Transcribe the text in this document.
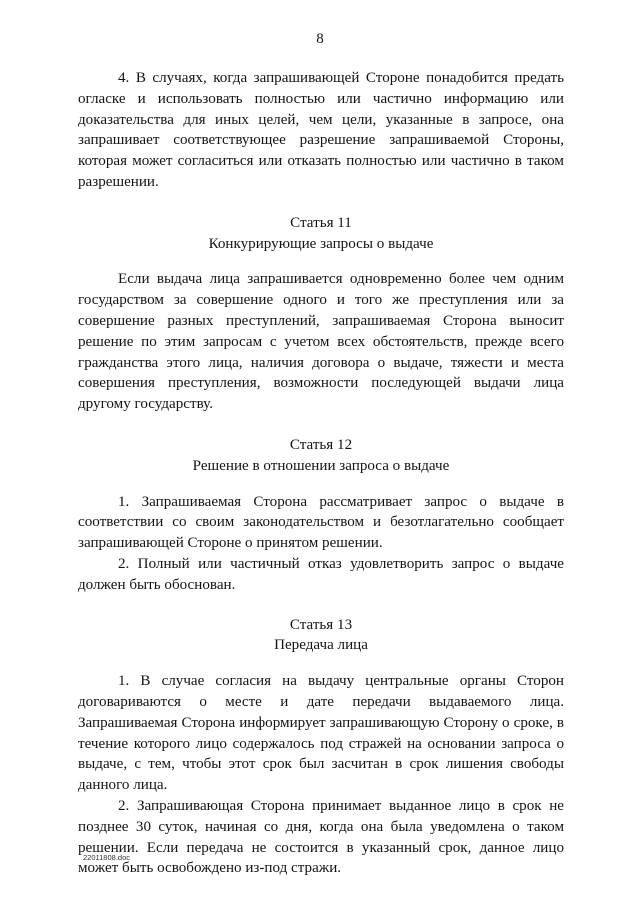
8

4. В случаях, когда запрашивающей Стороне понадобится предать огласке и использовать полностью или частично информацию или доказательства для иных целей, чем цели, указанные в запросе, она запрашивает соответствующее разрешение запрашиваемой Стороны, которая может согласиться или отказать полностью или частично в таком разрешении.

Статья 11

Конкурирующие запросы о выдаче

Если выдача лица запрашивается одновременно более чем одним государством за совершение одного и того же преступления или за совершение разных преступлений, запрашиваемая Сторона выносит решение по этим запросам с учетом всех обстоятельств, прежде всего гражданства этого лица, наличия договора о выдаче, тяжести и места совершения преступления, возможности последующей выдачи лица другому государству.

Статья 12

Решение в отношении запроса о выдаче

1. Запрашиваемая Сторона рассматривает запрос о выдаче в соответствии со своим законодательством и безотлагательно сообщает запрашивающей Стороне о принятом решении.

2. Полный или частичный отказ удовлетворить запрос о выдаче должен быть обоснован.

Статья 13

Передача лица

1. В случае согласия на выдачу центральные органы Сторон договариваются о месте и дате передачи выдаваемого лица. Запрашиваемая Сторона информирует запрашивающую Сторону о сроке, в течение которого лицо содержалось под стражей на основании запроса о выдаче, с тем, чтобы этот срок был засчитан в срок лишения свободы данного лица.

2. Запрашивающая Сторона принимает выданное лицо в срок не позднее 30 суток, начиная со дня, когда она была уведомлена о таком решении. Если передача не состоится в указанный срок, данное лицо может быть освобождено из-под стражи.

22011808.doc
